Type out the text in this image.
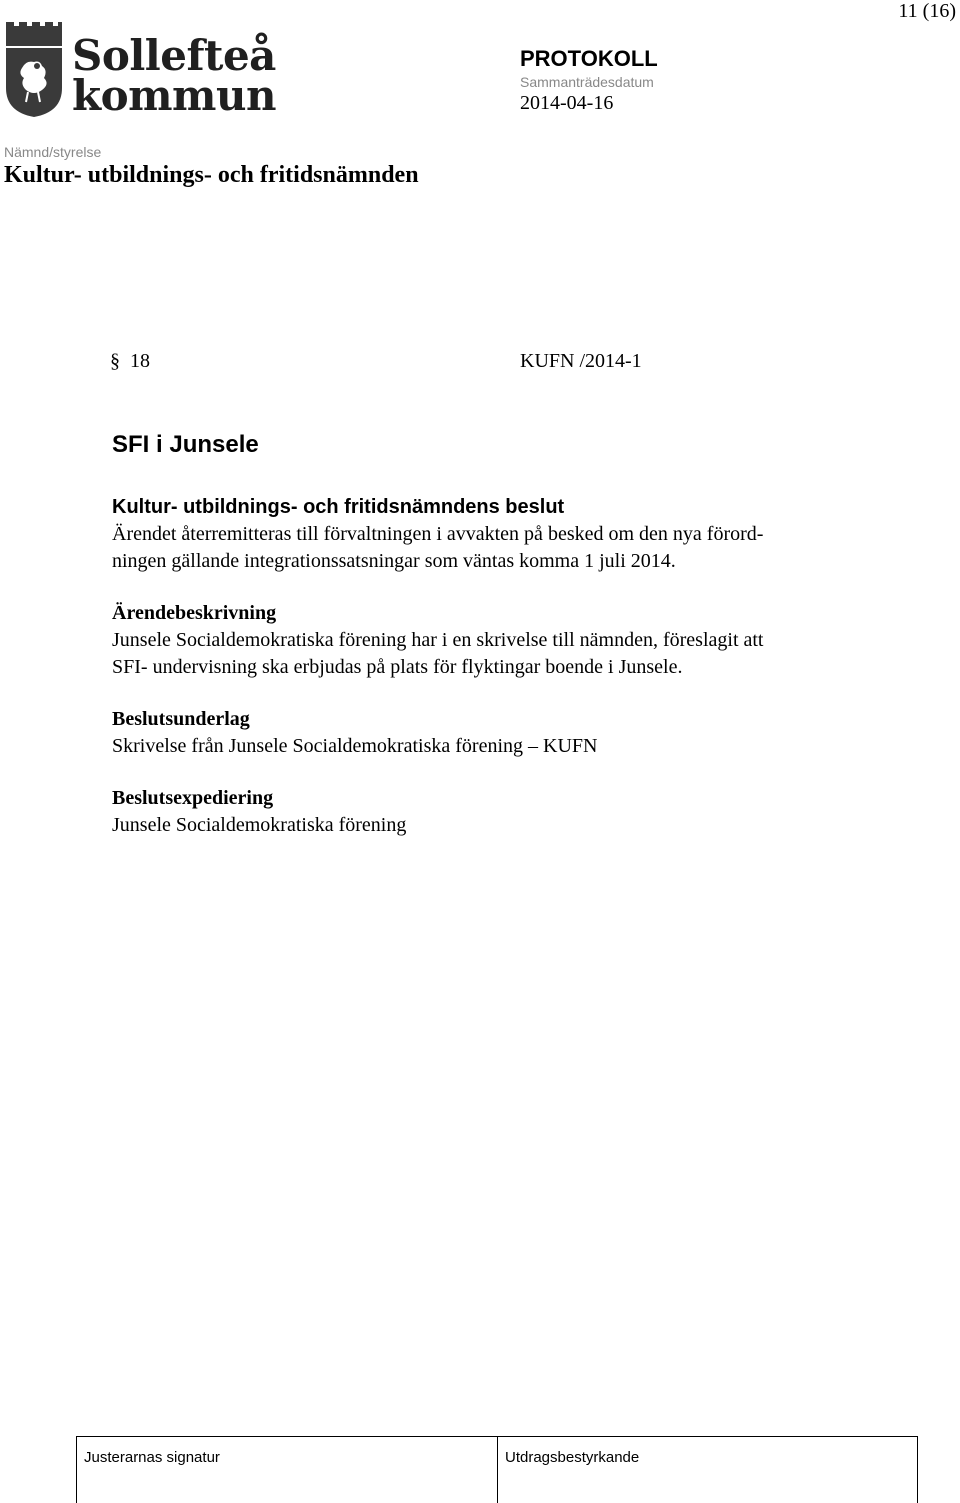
11 (16)
Sollefteå
kommun
PROTOKOLL
Sammanträdesdatum
2014-04-16
Nämnd/styrelse
Kultur- utbildnings- och fritidsnämnden
§ 18	KUFN /2014-1
SFI i Junsele

Kultur- utbildnings- och fritidsnämndens beslut

Ärendet återremitteras till förvaltningen i avvakten på besked om den nya förord-

ningen gällande integrationssatsningar som väntas komma 1 juli 2014.

Ärendebeskrivning

Junsele Socialdemokratiska förening har i en skrivelse till nämnden, föreslagit att

SFI- undervisning ska erbjudas på plats för flyktingar boende i Junsele.

Beslutsunderlag

Skrivelse från Junsele Socialdemokratiska förening – KUFN

Beslutsexpediering

Junsele Socialdemokratiska förening

Justerarnas signatur	Utdragsbestyrkande
